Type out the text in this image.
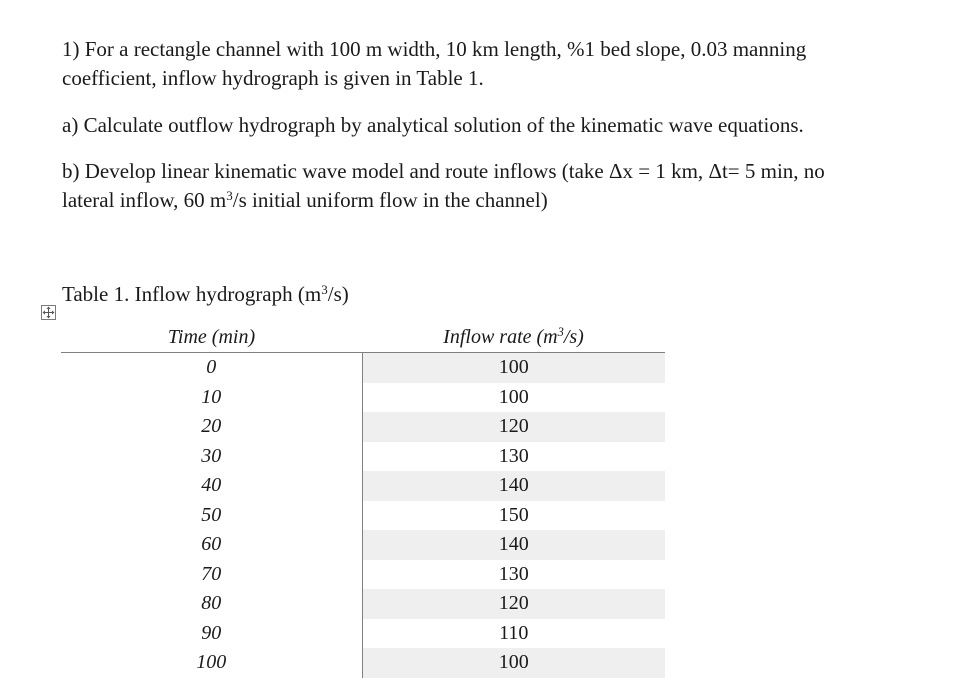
1) For a rectangle channel with 100 m width, 10 km length, %1 bed slope, 0.03 manning
coefficient, inflow hydrograph is given in Table 1.

a) Calculate outflow hydrograph by analytical solution of the kinematic wave equations.

b) Develop linear kinematic wave model and route inflows (take Δx = 1 km, Δt= 5 min, no
lateral inflow, 60 $m^3/s$ initial uniform flow in the channel)

Table 1. Inflow hydrograph $(m^3/s)$
Time (min)	Inflow rate $(m^3/s)$
0	100
10	100
20	120
30	130
40	140
50	150
60	140
70	130
80	120
90	110
100	100
